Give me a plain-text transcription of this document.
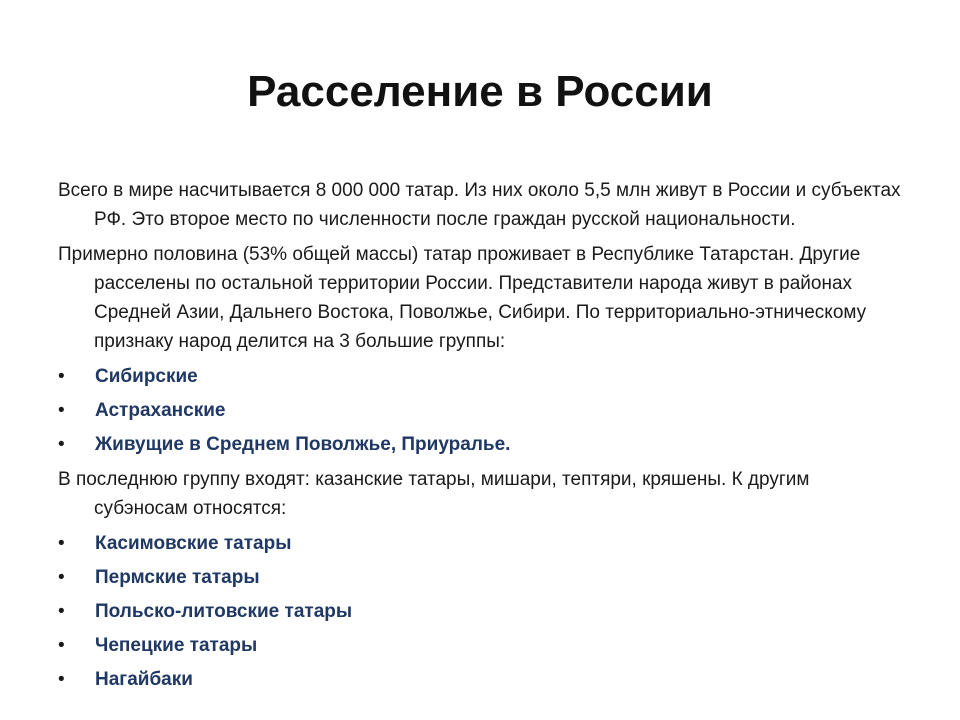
Расселение в России

Всего в мире насчитывается 8 000 000 татар. Из них около 5,5 млн живут в России и субъектах РФ. Это второе место по численности после граждан русской национальности.

Примерно половина (53% общей массы) татар проживает в Республике Татарстан. Другие расселены по остальной территории России. Представители народа живут в районах Средней Азии, Дальнего Востока, Поволжье, Сибири. По территориально-этническому признаку народ делится на 3 большие группы:

•	Сибирские
•	Астраханские
•	Живущие в Среднем Поволжье, Приуралье.

В последнюю группу входят: казанские татары, мишари, тептяри, кряшены. К другим субэносам относятся:

•	Касимовские татары
•	Пермские татары
•	Польско-литовские татары
•	Чепецкие татары
•	Нагайбаки
